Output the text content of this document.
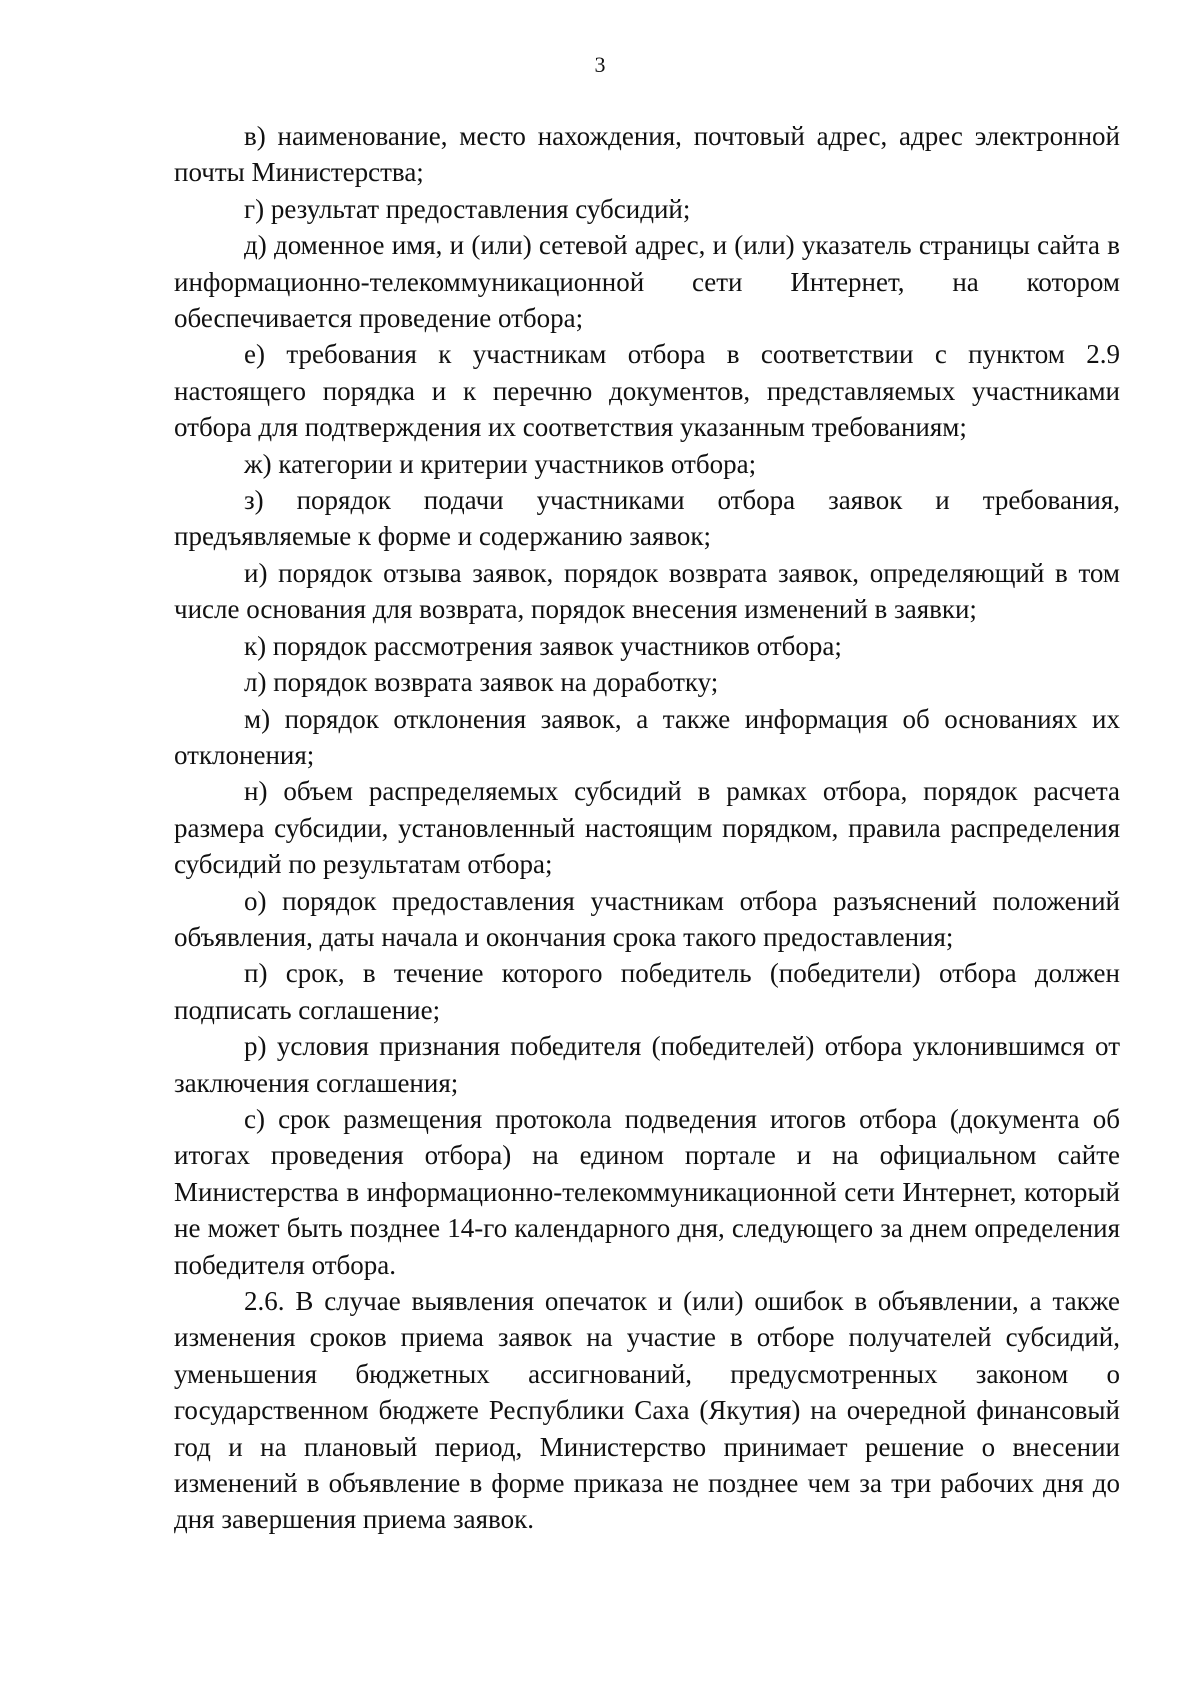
3

в) наименование, место нахождения, почтовый адрес, адрес электронной почты Министерства;

г) результат предоставления субсидий;

д) доменное имя, и (или) сетевой адрес, и (или) указатель страницы сайта в информационно-телекоммуникационной сети Интернет, на котором обеспечивается проведение отбора;

е) требования к участникам отбора в соответствии с пунктом 2.9 настоящего порядка и к перечню документов, представляемых участниками отбора для подтверждения их соответствия указанным требованиям;

ж) категории и критерии участников отбора;

з) порядок подачи участниками отбора заявок и требования, предъявляемые к форме и содержанию заявок;

и) порядок отзыва заявок, порядок возврата заявок, определяющий в том числе основания для возврата, порядок внесения изменений в заявки;

к) порядок рассмотрения заявок участников отбора;

л) порядок возврата заявок на доработку;

м) порядок отклонения заявок, а также информация об основаниях их отклонения;

н) объем распределяемых субсидий в рамках отбора, порядок расчета размера субсидии, установленный настоящим порядком, правила распределения субсидий по результатам отбора;

о) порядок предоставления участникам отбора разъяснений положений объявления, даты начала и окончания срока такого предоставления;

п) срок, в течение которого победитель (победители) отбора должен подписать соглашение;

р) условия признания победителя (победителей) отбора уклонившимся от заключения соглашения;

с) срок размещения протокола подведения итогов отбора (документа об итогах проведения отбора) на едином портале и на официальном сайте Министерства в информационно-телекоммуникационной сети Интернет, который не может быть позднее 14-го календарного дня, следующего за днем определения победителя отбора.

2.6. В случае выявления опечаток и (или) ошибок в объявлении, а также изменения сроков приема заявок на участие в отборе получателей субсидий, уменьшения бюджетных ассигнований, предусмотренных законом о государственном бюджете Республики Саха (Якутия) на очередной финансовый год и на плановый период, Министерство принимает решение о внесении изменений в объявление в форме приказа не позднее чем за три рабочих дня до дня завершения приема заявок.
